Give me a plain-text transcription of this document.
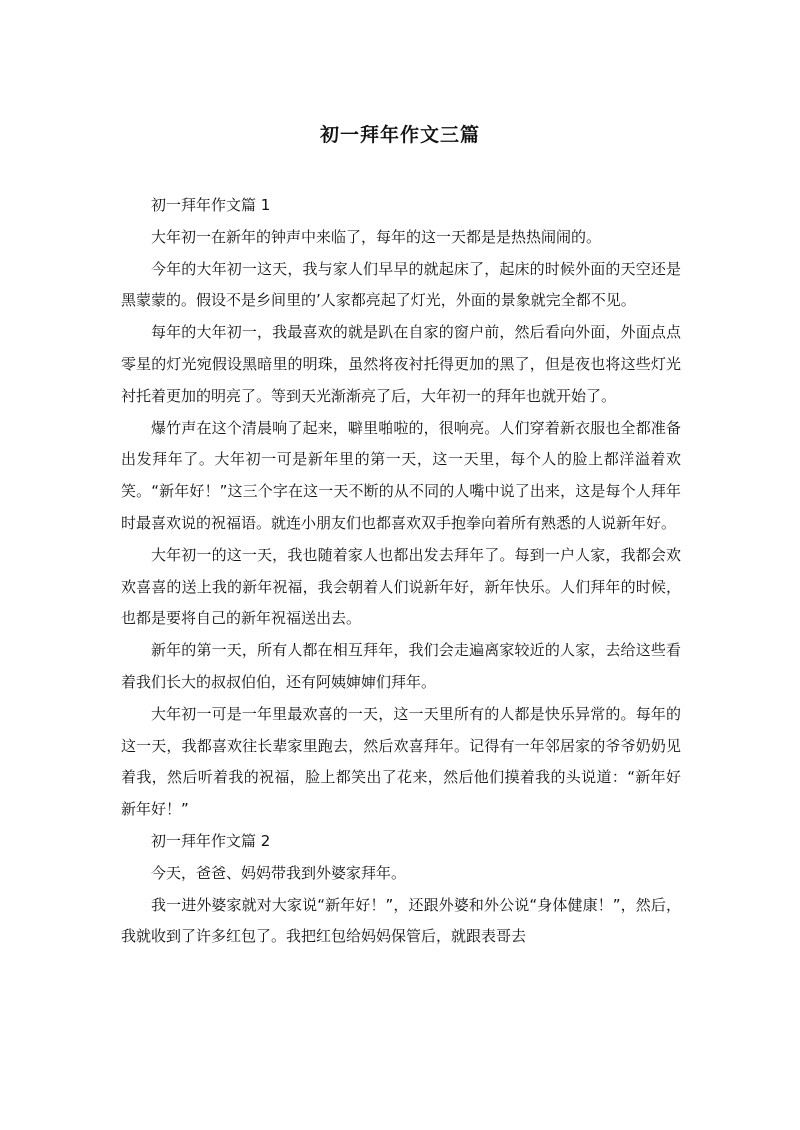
初一拜年作文三篇

初一拜年作文篇 1

大年初一在新年的钟声中来临了，每年的这一天都是是热热闹闹的。

今年的大年初一这天，我与家人们早早的就起床了，起床的时候外面的天空还是黑蒙蒙的。假设不是乡间里的’人家都亮起了灯光，外面的景象就完全都不见。

每年的大年初一，我最喜欢的就是趴在自家的窗户前，然后看向外面，外面点点零星的灯光宛假设黑暗里的明珠，虽然将夜衬托得更加的黑了，但是夜也将这些灯光衬托着更加的明亮了。等到天光渐渐亮了后，大年初一的拜年也就开始了。

爆竹声在这个清晨响了起来，噼里啪啦的，很响亮。人们穿着新衣服也全都准备出发拜年了。大年初一可是新年里的第一天，这一天里，每个人的脸上都洋溢着欢笑。“新年好！”这三个字在这一天不断的从不同的人嘴中说了出来，这是每个人拜年时最喜欢说的祝福语。就连小朋友们也都喜欢双手抱拳向着所有熟悉的人说新年好。

大年初一的这一天，我也随着家人也都出发去拜年了。每到一户人家，我都会欢欢喜喜的送上我的新年祝福，我会朝着人们说新年好，新年快乐。人们拜年的时候，也都是要将自己的新年祝福送出去。

新年的第一天，所有人都在相互拜年，我们会走遍离家较近的人家，去给这些看着我们长大的叔叔伯伯，还有阿姨婶婶们拜年。

大年初一可是一年里最欢喜的一天，这一天里所有的人都是快乐异常的。每年的这一天，我都喜欢往长辈家里跑去，然后欢喜拜年。记得有一年邻居家的爷爷奶奶见着我，然后听着我的祝福，脸上都笑出了花来，然后他们摸着我的头说道：“新年好新年好！”

初一拜年作文篇 2

今天，爸爸、妈妈带我到外婆家拜年。

我一进外婆家就对大家说“新年好！”，还跟外婆和外公说“身体健康！”，然后，我就收到了许多红包了。我把红包给妈妈保管后，就跟表哥去
